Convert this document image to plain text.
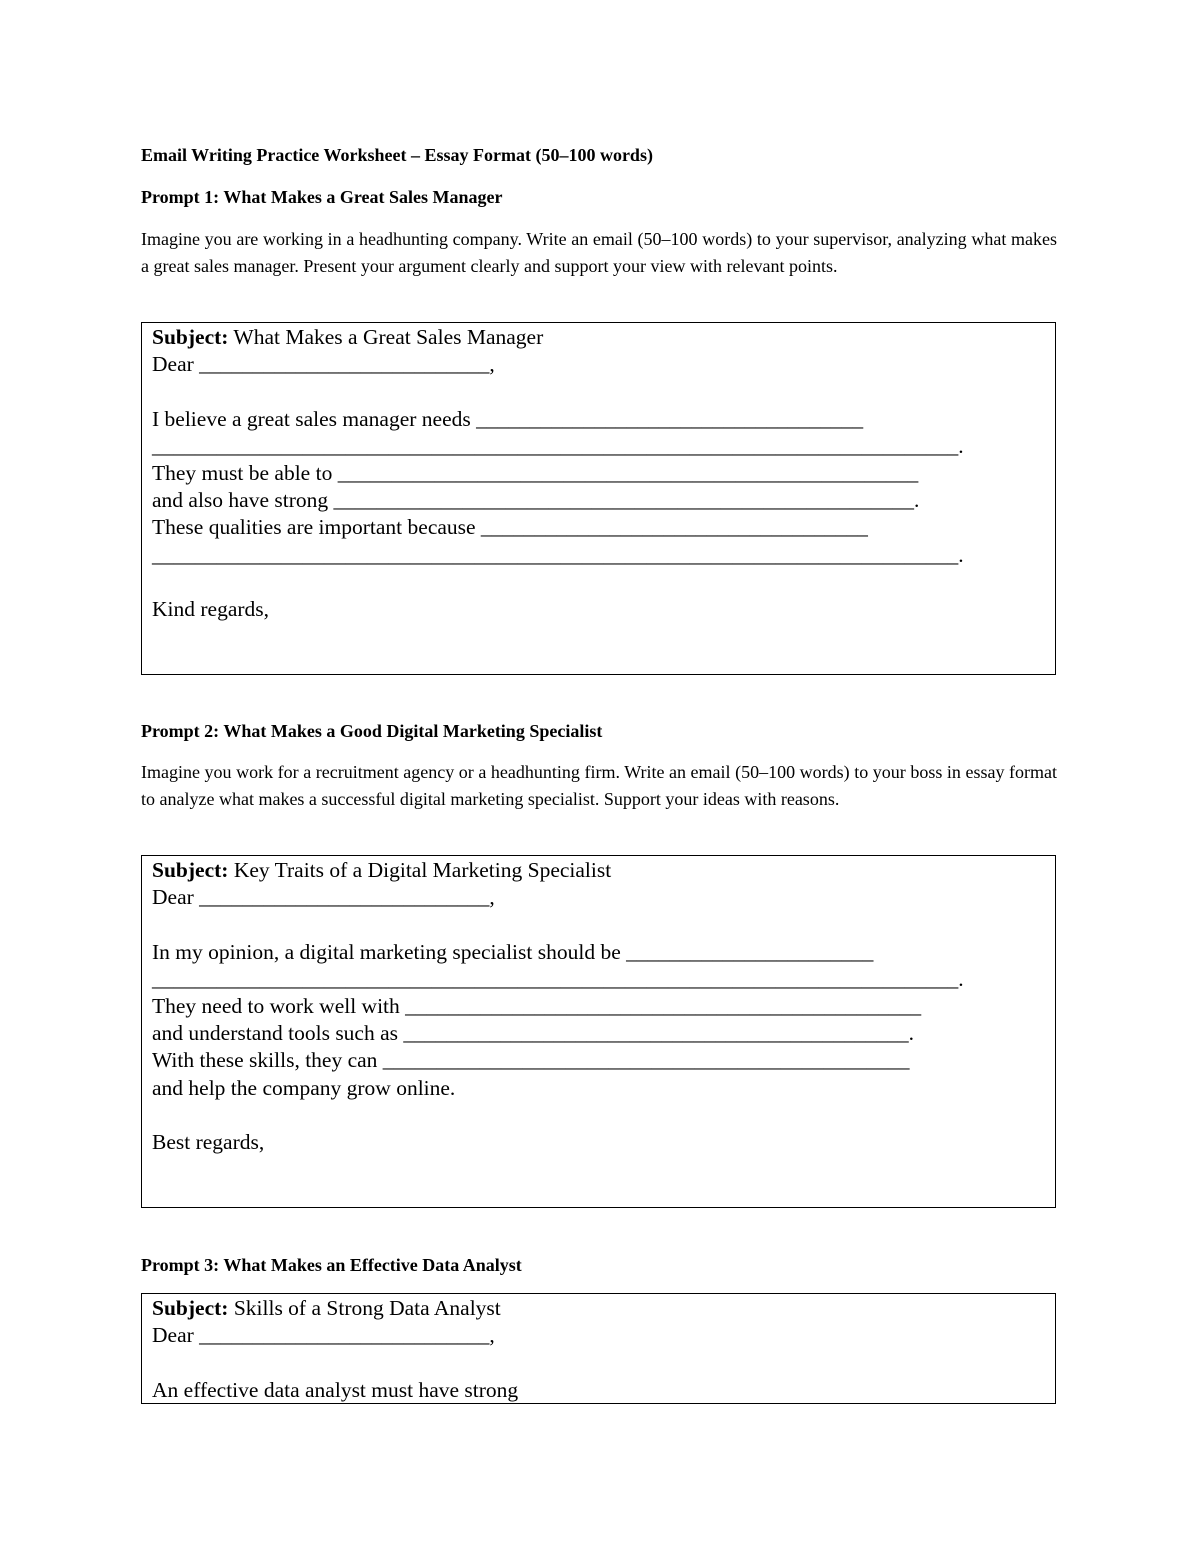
Email Writing Practice Worksheet – Essay Format (50–100 words)
Prompt 1: What Makes a Great Sales Manager
Imagine you are working in a headhunting company. Write an email (50–100 words) to your supervisor, analyzing what makes a great sales manager. Present your argument clearly and support your view with relevant points.
Subject: What Makes a Great Sales Manager
Dear ___________________________,
I believe a great sales manager needs ____________________________________
___________________________________________________________________________.
They must be able to ______________________________________________________
and also have strong ______________________________________________________.
These qualities are important because ____________________________________
___________________________________________________________________________.
Kind regards,
Prompt 2: What Makes a Good Digital Marketing Specialist
Imagine you work for a recruitment agency or a headhunting firm. Write an email (50–100 words) to your boss in essay format to analyze what makes a successful digital marketing specialist. Support your ideas with reasons.
Subject: Key Traits of a Digital Marketing Specialist
Dear ___________________________,
In my opinion, a digital marketing specialist should be _______________________
___________________________________________________________________________.
They need to work well with ________________________________________________
and understand tools such as _______________________________________________.
With these skills, they can _________________________________________________
and help the company grow online.
Best regards,
Prompt 3: What Makes an Effective Data Analyst
Subject: Skills of a Strong Data Analyst
Dear ___________________________,
An effective data analyst must have strong
